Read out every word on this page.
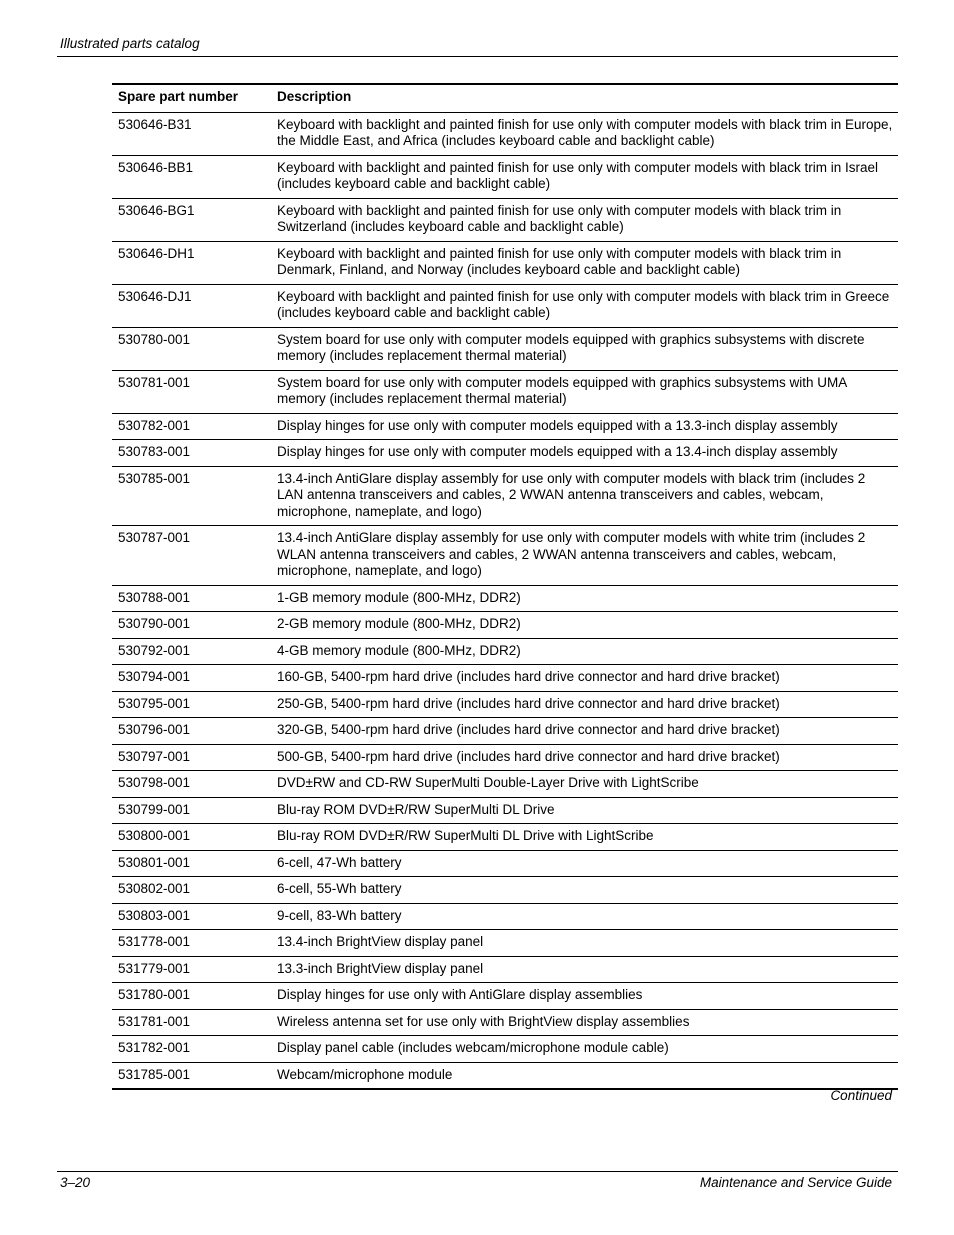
Illustrated parts catalog
Spare part number	Description
530646-B31	Keyboard with backlight and painted finish for use only with computer models with black trim in Europe, the Middle East, and Africa (includes keyboard cable and backlight cable)
530646-BB1	Keyboard with backlight and painted finish for use only with computer models with black trim in Israel (includes keyboard cable and backlight cable)
530646-BG1	Keyboard with backlight and painted finish for use only with computer models with black trim in Switzerland (includes keyboard cable and backlight cable)
530646-DH1	Keyboard with backlight and painted finish for use only with computer models with black trim in Denmark, Finland, and Norway (includes keyboard cable and backlight cable)
530646-DJ1	Keyboard with backlight and painted finish for use only with computer models with black trim in Greece (includes keyboard cable and backlight cable)
530780-001	System board for use only with computer models equipped with graphics subsystems with discrete memory (includes replacement thermal material)
530781-001	System board for use only with computer models equipped with graphics subsystems with UMA memory (includes replacement thermal material)
530782-001	Display hinges for use only with computer models equipped with a 13.3-inch display assembly
530783-001	Display hinges for use only with computer models equipped with a 13.4-inch display assembly
530785-001	13.4-inch AntiGlare display assembly for use only with computer models with black trim (includes 2 LAN antenna transceivers and cables, 2 WWAN antenna transceivers and cables, webcam, microphone, nameplate, and logo)
530787-001	13.4-inch AntiGlare display assembly for use only with computer models with white trim (includes 2 WLAN antenna transceivers and cables, 2 WWAN antenna transceivers and cables, webcam, microphone, nameplate, and logo)
530788-001	1-GB memory module (800-MHz, DDR2)
530790-001	2-GB memory module (800-MHz, DDR2)
530792-001	4-GB memory module (800-MHz, DDR2)
530794-001	160-GB, 5400-rpm hard drive (includes hard drive connector and hard drive bracket)
530795-001	250-GB, 5400-rpm hard drive (includes hard drive connector and hard drive bracket)
530796-001	320-GB, 5400-rpm hard drive (includes hard drive connector and hard drive bracket)
530797-001	500-GB, 5400-rpm hard drive (includes hard drive connector and hard drive bracket)
530798-001	DVD±RW and CD-RW SuperMulti Double-Layer Drive with LightScribe
530799-001	Blu-ray ROM DVD±R/RW SuperMulti DL Drive
530800-001	Blu-ray ROM DVD±R/RW SuperMulti DL Drive with LightScribe
530801-001	6-cell, 47-Wh battery
530802-001	6-cell, 55-Wh battery
530803-001	9-cell, 83-Wh battery
531778-001	13.4-inch BrightView display panel
531779-001	13.3-inch BrightView display panel
531780-001	Display hinges for use only with AntiGlare display assemblies
531781-001	Wireless antenna set for use only with BrightView display assemblies
531782-001	Display panel cable (includes webcam/microphone module cable)
531785-001	Webcam/microphone module
Continued
3–20	Maintenance and Service Guide
